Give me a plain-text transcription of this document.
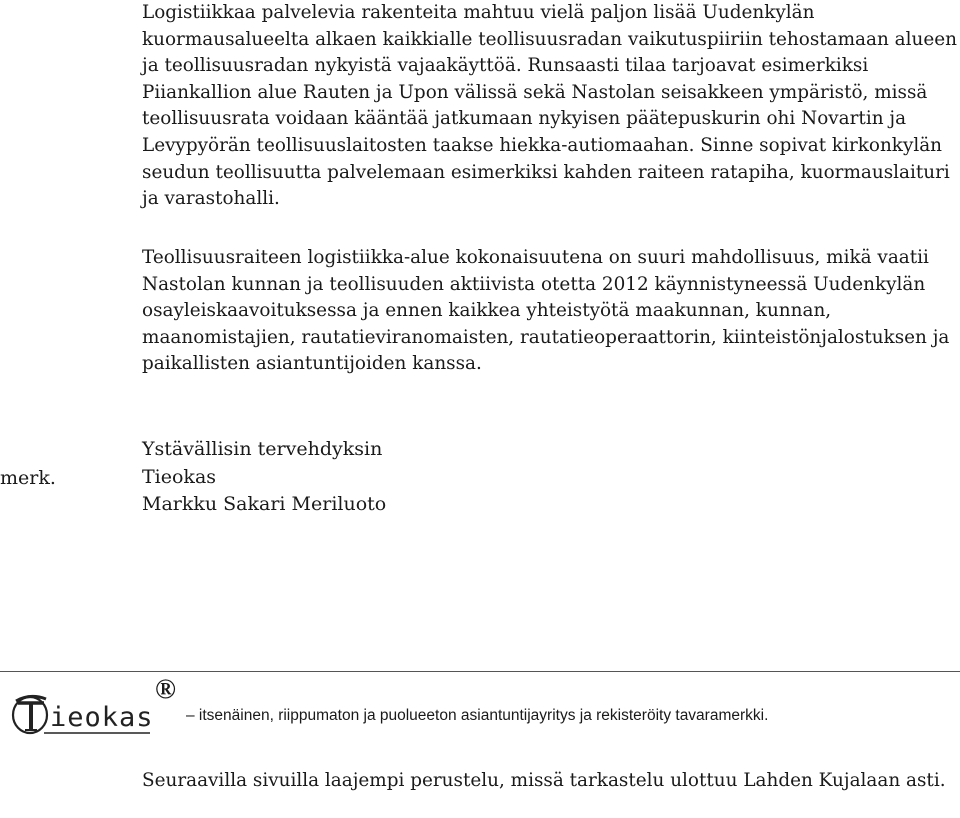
Logistiikkaa palvelevia rakenteita mahtuu vielä paljon lisää Uudenkylän kuormausalueelta alkaen kaikkialle teollisuusradan vaikutuspiiriin tehostamaan alueen ja teollisuusradan nykyistä vajaakäyttöä. Runsaasti tilaa tarjoavat esimerkiksi Piiankallion alue Rauten ja Upon välissä sekä Nastolan seisakkeen ympäristö, missä teollisuusrata voidaan kääntää jatkumaan nykyisen päätepuskurin ohi Novartin ja Levypyörän teollisuuslaitosten taakse hiekka-autiomaahan. Sinne sopivat kirkonkylän seudun teollisuutta palvelemaan esimerkiksi kahden raiteen ratapiha, kuormauslaituri ja varastohalli.

Teollisuusraiteen logistiikka-alue kokonaisuutena on suuri mahdollisuus, mikä vaatii Nastolan kunnan ja teollisuuden aktiivista otetta 2012 käynnistyneessä Uudenkylän osayleiskaavoituksessa ja ennen kaikkea yhteistyötä maakunnan, kunnan, maanomistajien, rautatieviranomaisten, rautatieoperaattorin, kiinteistönjalostuksen ja paikallisten asiantuntijoiden kanssa.

merk.
Ystävällisin tervehdyksin
Tieokas
Markku Sakari Meriluoto
ieokas
®
– itsenäinen, riippumaton ja puolueeton asiantuntijayritys ja rekisteröity tavaramerkki.

Seuraavilla sivuilla laajempi perustelu, missä tarkastelu ulottuu Lahden Kujalaan asti.
